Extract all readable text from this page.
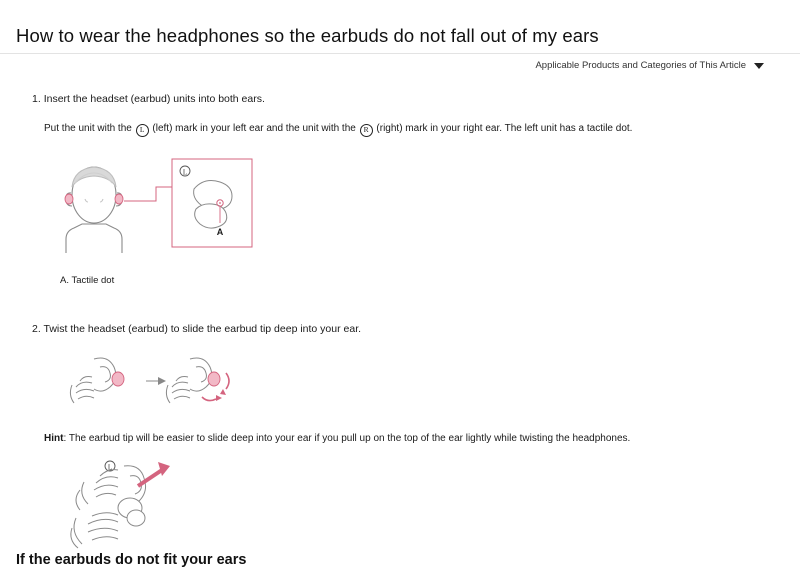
How to wear the headphones so the earbuds do not fall out of my ears
Applicable Products and Categories of This Article
1. Insert the headset (earbud) units into both ears.
Put the unit with the L (left) mark in your left ear and the unit with the R (right) mark in your right ear. The left unit has a tactile dot.
L
A
A. Tactile dot
2. Twist the headset (earbud) to slide the earbud tip deep into your ear.
Hint: The earbud tip will be easier to slide deep into your ear if you pull up on the top of the ear lightly while twisting the headphones.
L
If the earbuds do not fit your ears
